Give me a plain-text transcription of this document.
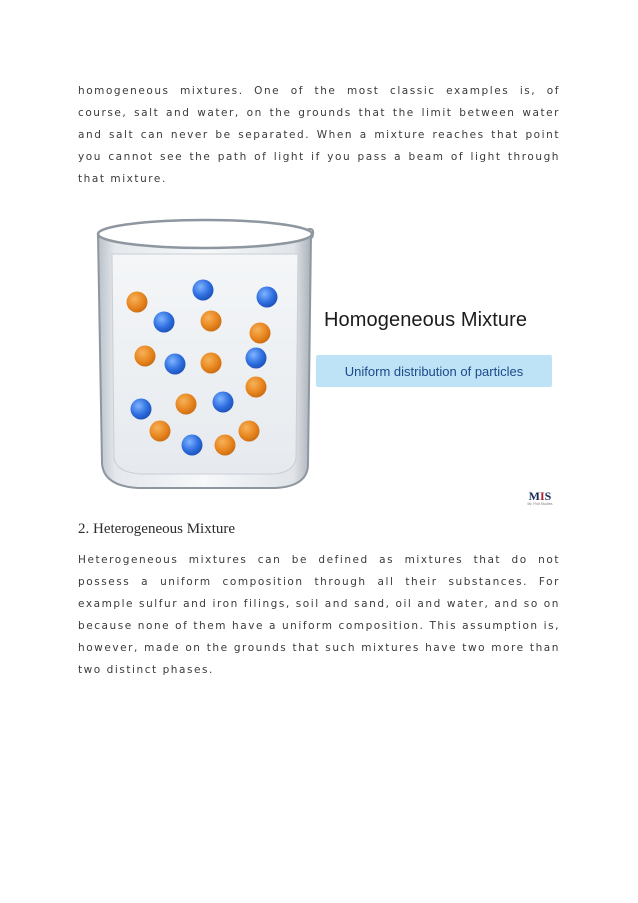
homogeneous mixtures. One of the most classic examples is, of course, salt and water, on the grounds that the limit between water and salt can never be separated. When a mixture reaches that point you cannot see the path of light if you pass a beam of light through that mixture.

Homogeneous Mixture
Uniform distribution of particles
MIS
Mr. Fixit Studies
2. Heterogeneous Mixture

Heterogeneous mixtures can be defined as mixtures that do not possess a uniform composition through all their substances. For example sulfur and iron filings, soil and sand, oil and water, and so on because none of them have a uniform composition. This assumption is, however, made on the grounds that such mixtures have two more than two distinct phases.
